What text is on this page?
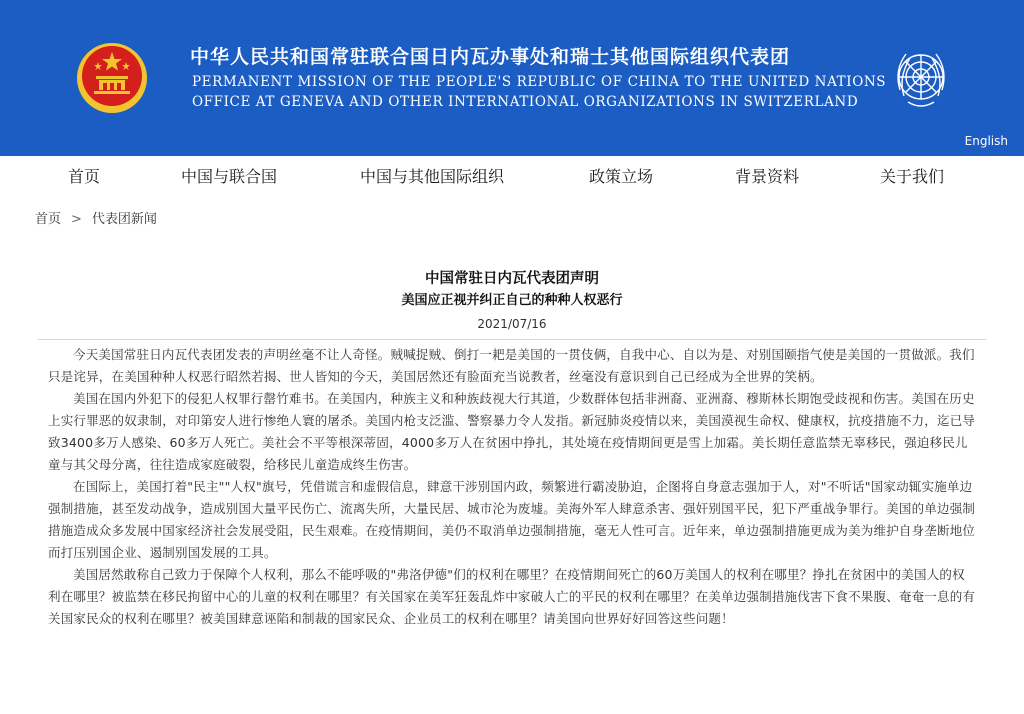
中华人民共和国常驻联合国日内瓦办事处和瑞士其他国际组织代表团
PERMANENT MISSION OF THE PEOPLE'S REPUBLIC OF CHINA TO THE UNITED NATIONS
OFFICE AT GENEVA AND OTHER INTERNATIONAL ORGANIZATIONS IN SWITZERLAND
English
首页	中国与联合国	中国与其他国际组织	政策立场	背景资料	关于我们
首页 > 代表团新闻
中国常驻日内瓦代表团声明
美国应正视并纠正自己的种种人权恶行
2021/07/16

今天美国常驻日内瓦代表团发表的声明丝毫不让人奇怪。贼喊捉贼、倒打一耙是美国的一贯伎俩，自我中心、自以为是、对别国颐指气使是美国的一贯做派。我们只是诧异，在美国种种人权恶行昭然若揭、世人皆知的今天，美国居然还有脸面充当说教者，丝毫没有意识到自己已经成为全世界的笑柄。

美国在国内外犯下的侵犯人权罪行罄竹难书。在美国内，种族主义和种族歧视大行其道，少数群体包括非洲裔、亚洲裔、穆斯林长期饱受歧视和伤害。美国在历史上实行罪恶的奴隶制，对印第安人进行惨绝人寰的屠杀。美国内枪支泛滥、警察暴力令人发指。新冠肺炎疫情以来，美国漠视生命权、健康权，抗疫措施不力，迄已导致3400多万人感染、60多万人死亡。美社会不平等根深蒂固，4000多万人在贫困中挣扎，其处境在疫情期间更是雪上加霜。美长期任意监禁无辜移民，强迫移民儿童与其父母分离，往往造成家庭破裂，给移民儿童造成终生伤害。

在国际上，美国打着"民主""人权"旗号，凭借谎言和虚假信息，肆意干涉别国内政，频繁进行霸凌胁迫，企图将自身意志强加于人，对"不听话"国家动辄实施单边强制措施，甚至发动战争，造成别国大量平民伤亡、流离失所，大量民居、城市沦为废墟。美海外军人肆意杀害、强奸别国平民，犯下严重战争罪行。美国的单边强制措施造成众多发展中国家经济社会发展受阻，民生艰难。在疫情期间，美仍不取消单边强制措施，毫无人性可言。近年来，单边强制措施更成为美为维护自身垄断地位而打压别国企业、遏制别国发展的工具。

美国居然敢称自己致力于保障个人权利，那么不能呼吸的"弗洛伊德"们的权利在哪里？在疫情期间死亡的60万美国人的权利在哪里？挣扎在贫困中的美国人的权利在哪里？被监禁在移民拘留中心的儿童的权利在哪里？有关国家在美军狂轰乱炸中家破人亡的平民的权利在哪里？在美单边强制措施伐害下食不果腹、奄奄一息的有关国家民众的权利在哪里？被美国肆意诬陷和制裁的国家民众、企业员工的权利在哪里？请美国向世界好好回答这些问题！
